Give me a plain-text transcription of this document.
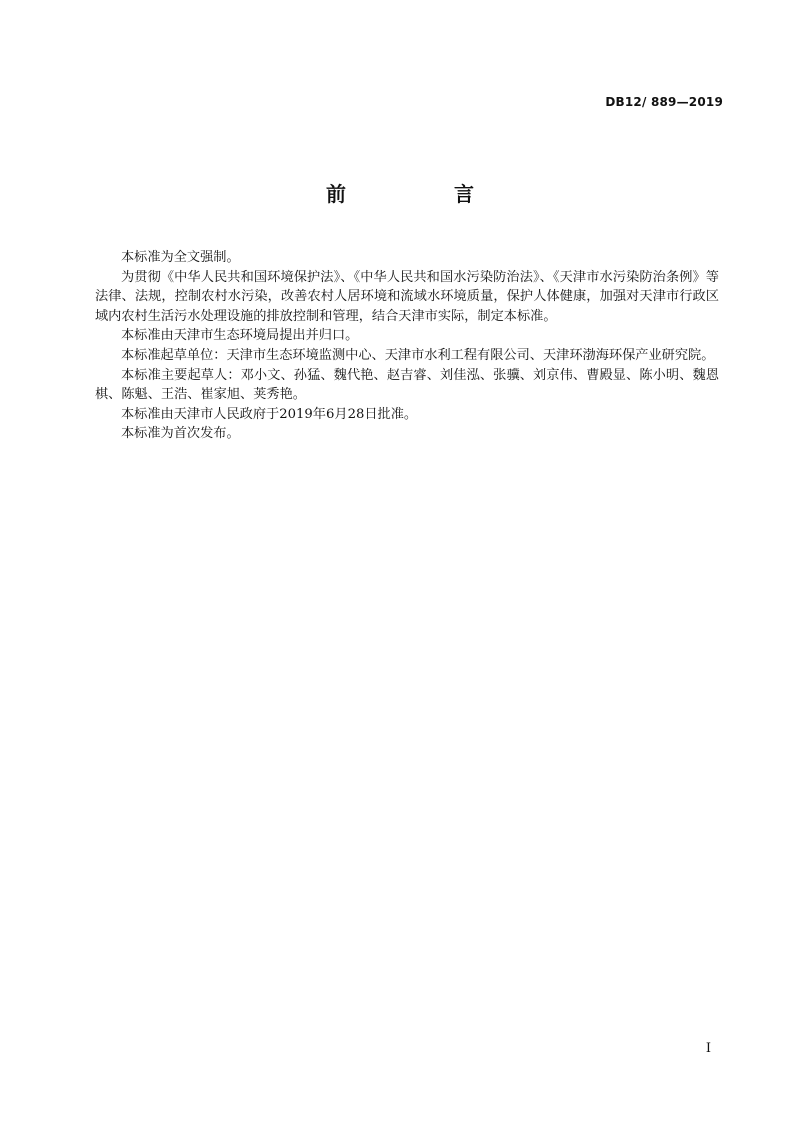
DB12/ 889—2019
前　言

本标准为全文强制。

为贯彻《中华人民共和国环境保护法》、《中华人民共和国水污染防治法》、《天津市水污染防治条例》等法律、法规，控制农村水污染，改善农村人居环境和流域水环境质量，保护人体健康，加强对天津市行政区域内农村生活污水处理设施的排放控制和管理，结合天津市实际，制定本标准。

本标准由天津市生态环境局提出并归口。

本标准起草单位：天津市生态环境监测中心、天津市水利工程有限公司、天津环渤海环保产业研究院。

本标准主要起草人：邓小文、孙猛、魏代艳、赵吉睿、刘佳泓、张骥、刘京伟、曹殿显、陈小明、魏恩棋、陈魁、王浩、崔家旭、荚秀艳。

本标准由天津市人民政府于2019年6月28日批准。

本标准为首次发布。

I
